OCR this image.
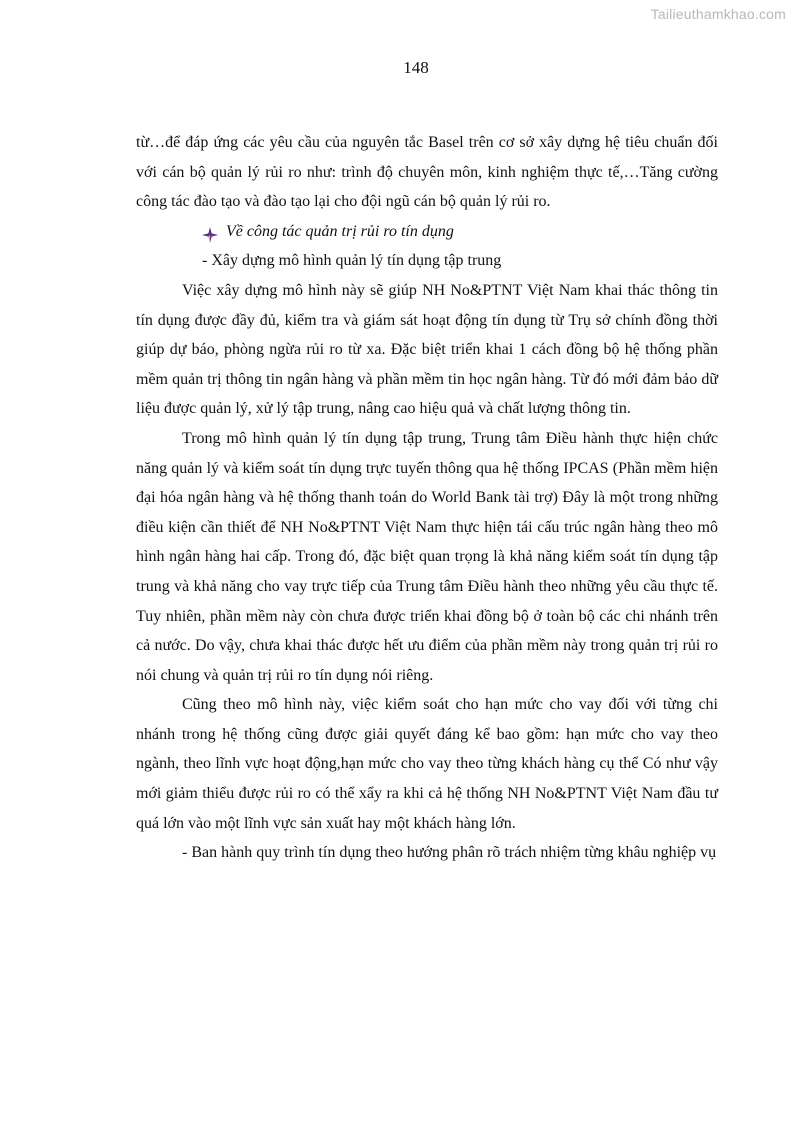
Tailieuthamkhao.com
148

từ…để đáp ứng các yêu cầu của nguyên tắc Basel trên cơ sở xây dựng hệ tiêu chuẩn đối với cán bộ quản lý rủi ro như: trình độ chuyên môn, kinh nghiệm thực tế,…Tăng cường công tác đào tạo và đào tạo lại cho đội ngũ cán bộ quản lý rủi ro.

Về công tác quản trị rủi ro tín dụng

- Xây dựng mô hình quản lý tín dụng tập trung

Việc xây dựng mô hình này sẽ giúp NH No&PTNT Việt Nam khai thác thông tin tín dụng được đầy đủ, kiểm tra và giám sát hoạt động tín dụng từ Trụ sở chính đồng thời giúp dự báo, phòng ngừa rủi ro từ xa. Đặc biệt triển khai 1 cách đồng bộ hệ thống phần mềm quản trị thông tin ngân hàng và phần mềm tin học ngân hàng. Từ đó mới đảm bảo dữ liệu được quản lý, xử lý tập trung, nâng cao hiệu quả và chất lượng thông tin.

Trong mô hình quản lý tín dụng tập trung, Trung tâm Điều hành thực hiện chức năng quản lý và kiểm soát tín dụng trực tuyến thông qua hệ thống IPCAS (Phần mềm hiện đại hóa ngân hàng và hệ thống thanh toán do World Bank tài trợ) Đây là một trong những điều kiện cần thiết để NH No&PTNT Việt Nam thực hiện tái cấu trúc ngân hàng theo mô hình ngân hàng hai cấp. Trong đó, đặc biệt quan trọng là khả năng kiểm soát tín dụng tập trung và khả năng cho vay trực tiếp của Trung tâm Điều hành theo những yêu cầu thực tế. Tuy nhiên, phần mềm này còn chưa được triển khai đồng bộ ở toàn bộ các chi nhánh trên cả nước. Do vậy, chưa khai thác được hết ưu điểm của phần mềm này trong quản trị rủi ro nói chung và quản trị rủi ro tín dụng nói riêng.

Cũng theo mô hình này, việc kiểm soát cho hạn mức cho vay đối với từng chi nhánh trong hệ thống cũng được giải quyết đáng kể bao gồm: hạn mức cho vay theo ngành, theo lĩnh vực hoạt động,hạn mức cho vay theo từng khách hàng cụ thể Có như vậy mới giảm thiểu được rủi ro có thể xẩy ra khi cả hệ thống NH No&PTNT Việt Nam đầu tư quá lớn vào một lĩnh vực sản xuất hay một khách hàng lớn.

- Ban hành quy trình tín dụng theo hướng phân rõ trách nhiệm từng khâu nghiệp vụ
